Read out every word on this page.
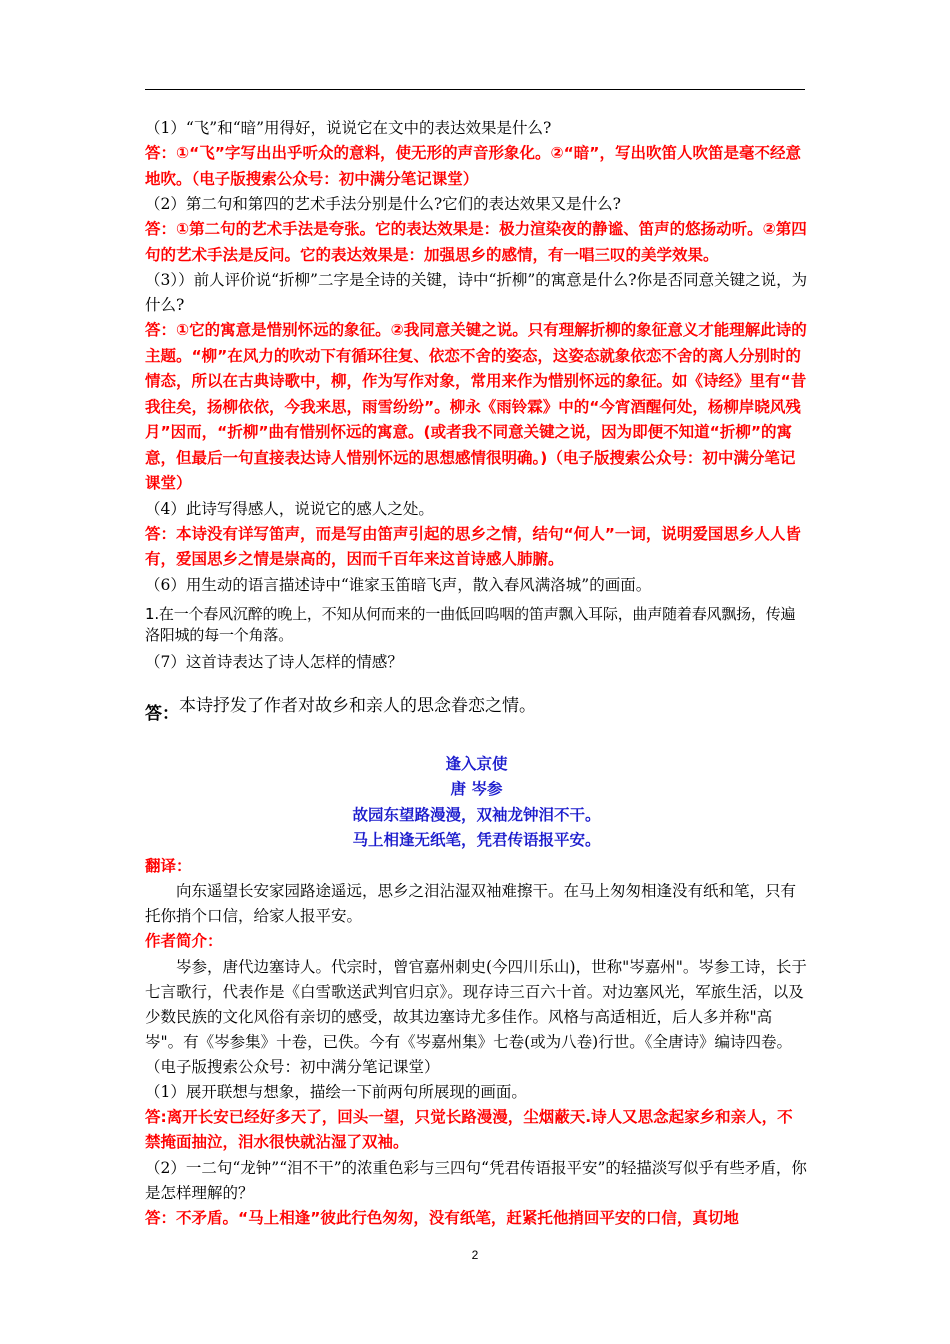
（1）“飞”和“暗”用得好，说说它在文中的表达效果是什么?

答：①“飞”字写出出乎听众的意料，使无形的声音形象化。②“暗”，写出吹笛人吹笛是毫不经意地吹。（电子版搜索公众号：初中满分笔记课堂）

（2）第二句和第四的艺术手法分别是什么?它们的表达效果又是什么?

答：①第二句的艺术手法是夸张。它的表达效果是：极力渲染夜的静谧、笛声的悠扬动听。②第四句的艺术手法是反问。它的表达效果是：加强思乡的感情，有一唱三叹的美学效果。

（3））前人评价说“折柳”二字是全诗的关键，诗中“折柳”的寓意是什么?你是否同意关键之说，为什么?

答：①它的寓意是惜别怀远的象征。②我同意关键之说。只有理解折柳的象征意义才能理解此诗的主题。“柳”在风力的吹动下有循环往复、依恋不舍的姿态，这姿态就象依恋不舍的离人分别时的情态，所以在古典诗歌中，柳，作为写作对象，常用来作为惜别怀远的象征。如《诗经》里有“昔我往矣，扬柳依依，今我来思，雨雪纷纷”。柳永《雨铃霖》中的“今宵酒醒何处，杨柳岸晓风残月”因而，“折柳”曲有惜别怀远的寓意。(或者我不同意关键之说，因为即便不知道“折柳”的寓意，但最后一句直接表达诗人惜别怀远的思想感情很明确。)（电子版搜索公众号：初中满分笔记课堂）

（4）此诗写得感人，说说它的感人之处。

答：本诗没有详写笛声，而是写由笛声引起的思乡之情，结句“何人”一词，说明爱国思乡人人皆有，爱国思乡之情是崇高的，因而千百年来这首诗感人肺腑。

（6）用生动的语言描述诗中“谁家玉笛暗飞声，散入春风满洛城”的画面。

1.在一个春风沉醉的晚上，不知从何而来的一曲低回呜咽的笛声飘入耳际，曲声随着春风飘扬，传遍洛阳城的每一个角落。

（7）这首诗表达了诗人怎样的情感？

答：本诗抒发了作者对故乡和亲人的思念眷恋之情。

逢入京使

唐 岑参

故园东望路漫漫，双袖龙钟泪不干。

马上相逢无纸笔，凭君传语报平安。

翻译：

向东遥望长安家园路途遥远，思乡之泪沾湿双袖难擦干。在马上匆匆相逢没有纸和笔，只有托你捎个口信，给家人报平安。

作者简介：

岑参，唐代边塞诗人。代宗时，曾官嘉州刺史(今四川乐山)，世称"岑嘉州"。岑参工诗，长于七言歌行，代表作是《白雪歌送武判官归京》。现存诗三百六十首。对边塞风光，军旅生活，以及少数民族的文化风俗有亲切的感受，故其边塞诗尤多佳作。风格与高适相近，后人多并称"高岑"。有《岑参集》十卷，已佚。今有《岑嘉州集》七卷(或为八卷)行世。《全唐诗》编诗四卷。（电子版搜索公众号：初中满分笔记课堂）

（1）展开联想与想象，描绘一下前两句所展现的画面。

答:离开长安已经好多天了，回头一望，只觉长路漫漫，尘烟蔽天.诗人又思念起家乡和亲人，不禁掩面抽泣，泪水很快就沾湿了双袖。

（2）一二句“龙钟”“泪不干”的浓重色彩与三四句“凭君传语报平安”的轻描淡写似乎有些矛盾，你是怎样理解的？

答：不矛盾。“马上相逢”彼此行色匆匆，没有纸笔，赶紧托他捎回平安的口信，真切地

2
